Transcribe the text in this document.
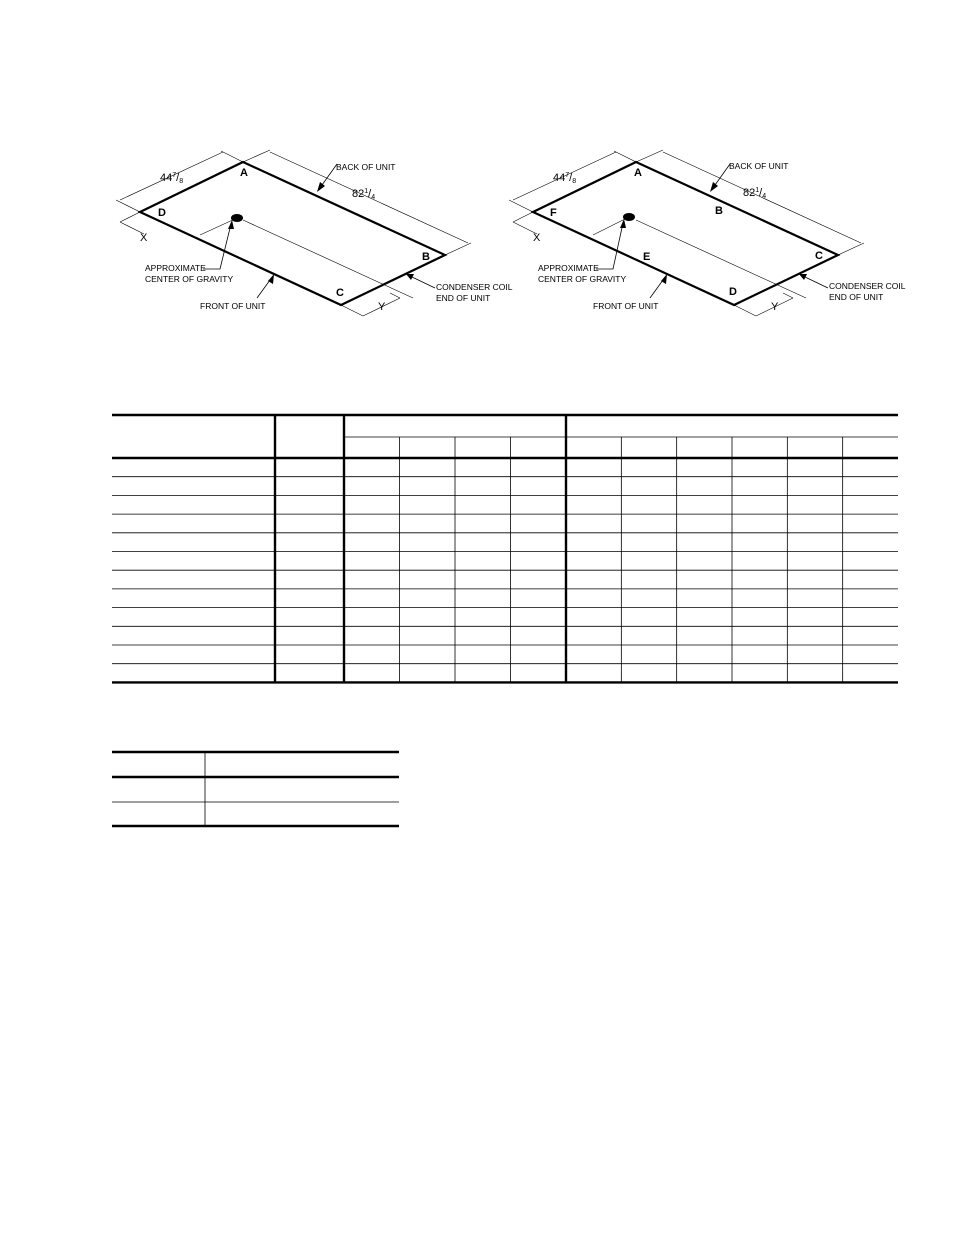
A
B
C
D
$44^7/8$
$82^1/4$
X
Y
BACK OF UNIT
FRONT OF UNIT
APPROXIMATE
CENTER OF GRAVITY
CONDENSER COIL
END OF UNIT
A
B
C
D
E
F
$44^7/8$
$82^1/4$
X
Y
BACK OF UNIT
FRONT OF UNIT
APPROXIMATE
CENTER OF GRAVITY
CONDENSER COIL
END OF UNIT
